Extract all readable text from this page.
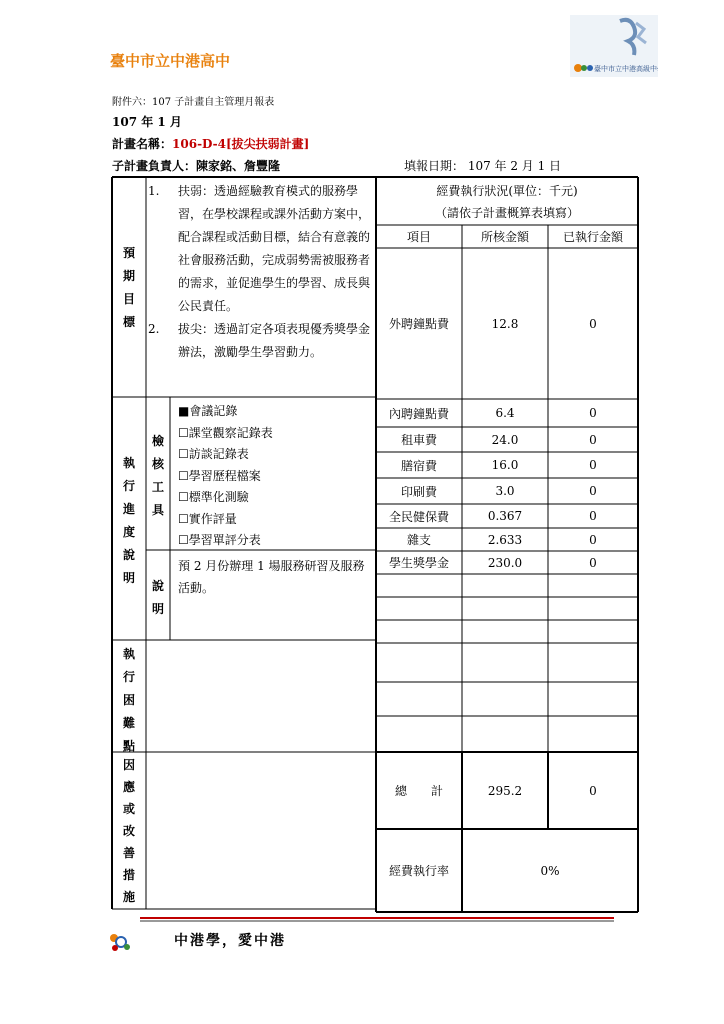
臺中市立中港高中	臺中市立中港高級中學
附件六：107 子計畫自主管理月報表
107 年 1 月
計畫名稱：106-D-4[拔尖扶弱計畫]
子計畫負責人：陳家銘、詹豐隆	填報日期： 107 年 2 月 1 日
預
期
目
標
1.	扶弱：透過經驗教育模式的服務學習，在學校課程或課外活動方案中，配合課程或活動目標，結合有意義的社會服務活動，完成弱勢需被服務者的需求，並促進學生的學習、成長與公民責任。
2.	拔尖：透過訂定各項表現優秀獎學金辦法，激勵學生學習動力。
執
行
進
度
說
明
檢
核
工
具
■會議記錄
☐課堂觀察記錄表
☐訪談記錄表
☐學習歷程檔案
☐標準化測驗
☐實作評量
☐學習單評分表
說
明
預 2 月份辦理 1 場服務研習及服務活動。
執
行
困
難
點
因
應
或
改
善
措
施
經費執行狀況(單位：千元)
（請依子計畫概算表填寫）
項目	所核金額	已執行金額
外聘鐘點費	12.8	0
內聘鐘點費	6.4	0
租車費	24.0	0
膳宿費	16.0	0
印刷費	3.0	0
全民健保費	0.367	0
雜支	2.633	0
學生獎學金	230.0	0
總　　計	295.2	0
經費執行率	0%
中港學，愛中港
